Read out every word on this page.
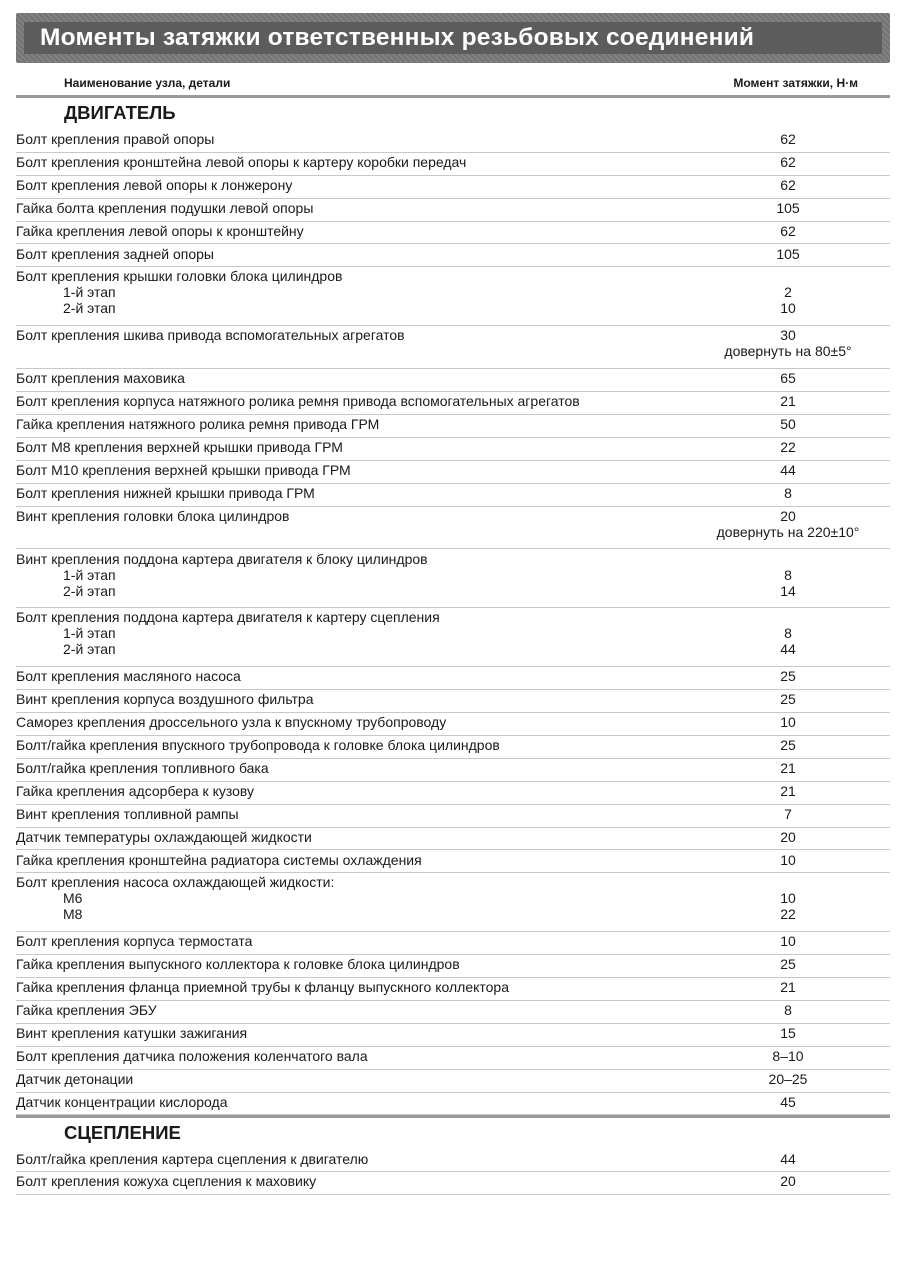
Моменты затяжки ответственных резьбовых соединений
Наименование узла, детали	Момент затяжки, Н·м
ДВИГАТЕЛЬ
Болт крепления правой опоры	62
Болт крепления кронштейна левой опоры к картеру коробки передач	62
Болт крепления левой опоры к лонжерону	62
Гайка болта крепления подушки левой опоры	105
Гайка крепления левой опоры к кронштейну	62
Болт крепления задней опоры	105
Болт крепления крышки головки блока цилиндров
1-й этап	2
2-й этап	10
Болт крепления шкива привода вспомогательных агрегатов	30
довернуть на 80±5°
Болт крепления маховика	65
Болт крепления корпуса натяжного ролика ремня привода вспомогательных агрегатов	21
Гайка крепления натяжного ролика ремня привода ГРМ	50
Болт М8 крепления верхней крышки привода ГРМ	22
Болт М10 крепления верхней крышки привода ГРМ	44
Болт крепления нижней крышки привода ГРМ	8
Винт крепления головки блока цилиндров	20
довернуть на 220±10°
Винт крепления поддона картера двигателя к блоку цилиндров
1-й этап	8
2-й этап	14
Болт крепления поддона картера двигателя к картеру сцепления
1-й этап	8
2-й этап	44
Болт крепления масляного насоса	25
Винт крепления корпуса воздушного фильтра	25
Саморез крепления дроссельного узла к впускному трубопроводу	10
Болт/гайка крепления впускного трубопровода к головке блока цилиндров	25
Болт/гайка крепления топливного бака	21
Гайка крепления адсорбера к кузову	21
Винт крепления топливной рампы	7
Датчик температуры охлаждающей жидкости	20
Гайка крепления кронштейна радиатора системы охлаждения	10
Болт крепления насоса охлаждающей жидкости:
М6	10
М8	22
Болт крепления корпуса термостата	10
Гайка крепления выпускного коллектора к головке блока цилиндров	25
Гайка крепления фланца приемной трубы к фланцу выпускного коллектора	21
Гайка крепления ЭБУ	8
Винт крепления катушки зажигания	15
Болт крепления датчика положения коленчатого вала	8–10
Датчик детонации	20–25
Датчик концентрации кислорода	45
СЦЕПЛЕНИЕ
Болт/гайка крепления картера сцепления к двигателю	44
Болт крепления кожуха сцепления к маховику	20
